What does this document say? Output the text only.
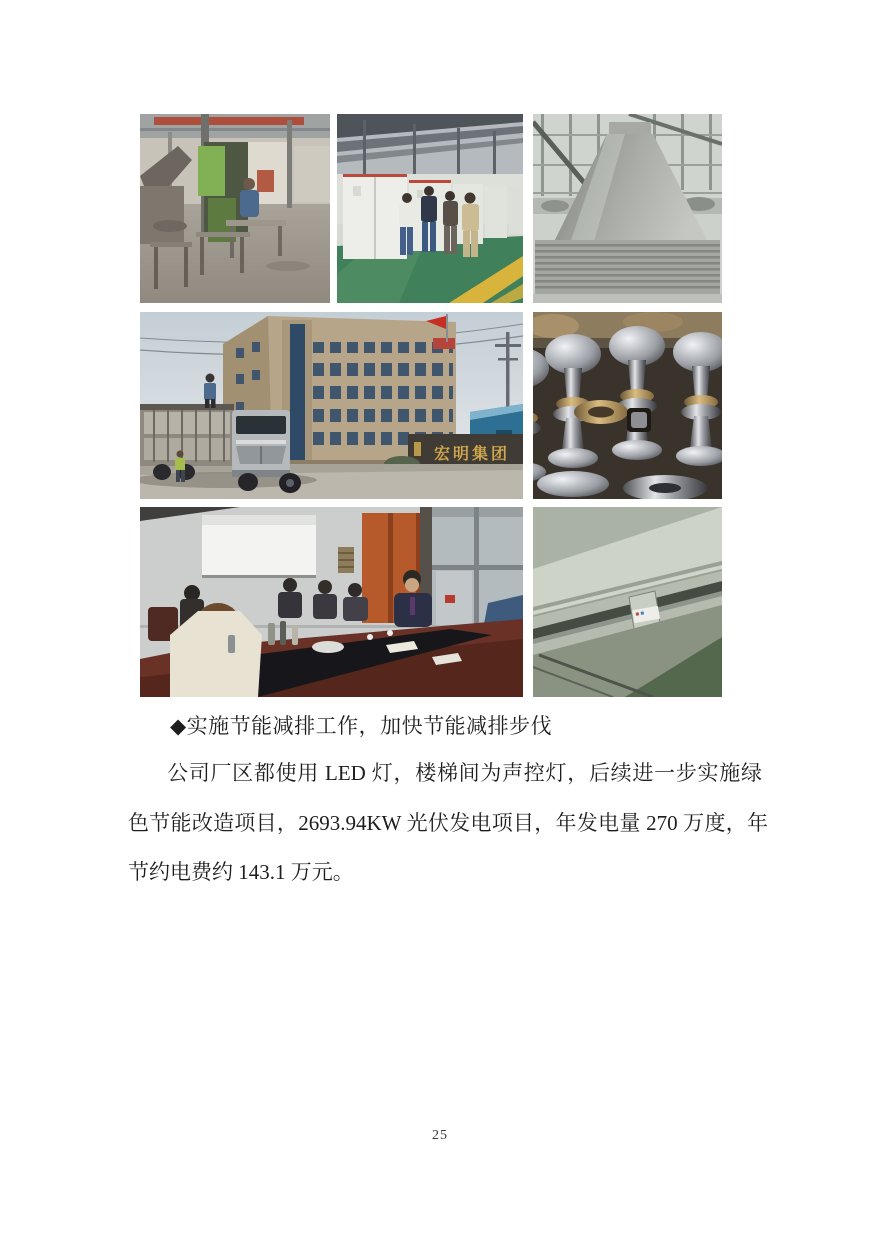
宏明集团
◆实施节能减排工作，加快节能减排步伐
公司厂区都使用 LED 灯，楼梯间为声控灯，后续进一步实施绿
色节能改造项目，2693.94KW 光伏发电项目，年发电量 270 万度，年
节约电费约 143.1 万元。
25
